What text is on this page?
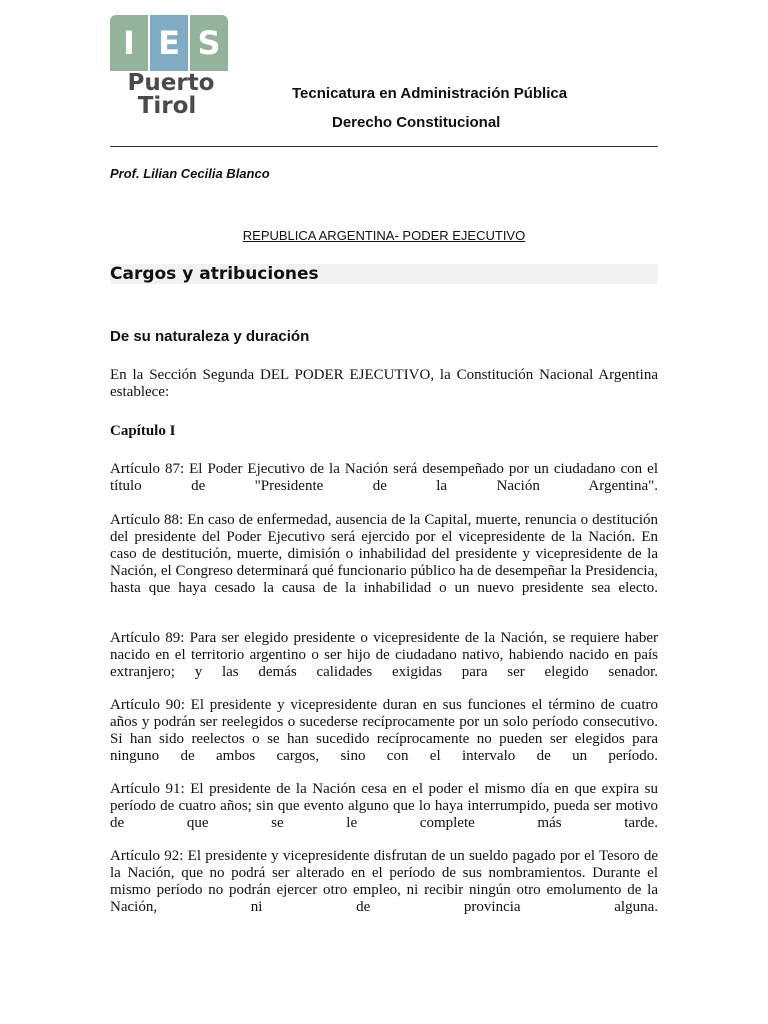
I E S
Puerto
Tirol	Tecnicatura en Administración Pública
Derecho Constitucional
Prof. Lilian Cecilia Blanco
REPUBLICA ARGENTINA- PODER EJECUTIVO
Cargos y atribuciones
De su naturaleza y duración
En la Sección Segunda DEL PODER EJECUTIVO, la Constitución Nacional Argentina establece:
Capítulo I
Artículo 87: El Poder Ejecutivo de la Nación será desempeñado por un ciudadano con el título de "Presidente de la Nación Argentina".
Artículo 88: En caso de enfermedad, ausencia de la Capital, muerte, renuncia o destitución del presidente del Poder Ejecutivo será ejercido por el vicepresidente de la Nación. En caso de destitución, muerte, dimisión o inhabilidad del presidente y vicepresidente de la Nación, el Congreso determinará qué funcionario público ha de desempeñar la Presidencia, hasta que haya cesado la causa de la inhabilidad o un nuevo presidente sea electo.
Artículo 89: Para ser elegido presidente o vicepresidente de la Nación, se requiere haber nacido en el territorio argentino o ser hijo de ciudadano nativo, habiendo nacido en país extranjero; y las demás calidades exigidas para ser elegido senador.
Artículo 90: El presidente y vicepresidente duran en sus funciones el término de cuatro años y podrán ser reelegidos o sucederse recíprocamente por un solo período consecutivo. Si han sido reelectos o se han sucedido recíprocamente no pueden ser elegidos para ninguno de ambos cargos, sino con el intervalo de un período.
Artículo 91: El presidente de la Nación cesa en el poder el mismo día en que expira su período de cuatro años; sin que evento alguno que lo haya interrumpido, pueda ser motivo de que se le complete más tarde.
Artículo 92: El presidente y vicepresidente disfrutan de un sueldo pagado por el Tesoro de la Nación, que no podrá ser alterado en el período de sus nombramientos. Durante el mismo período no podrán ejercer otro empleo, ni recibir ningún otro emolumento de la Nación, ni de provincia alguna.
